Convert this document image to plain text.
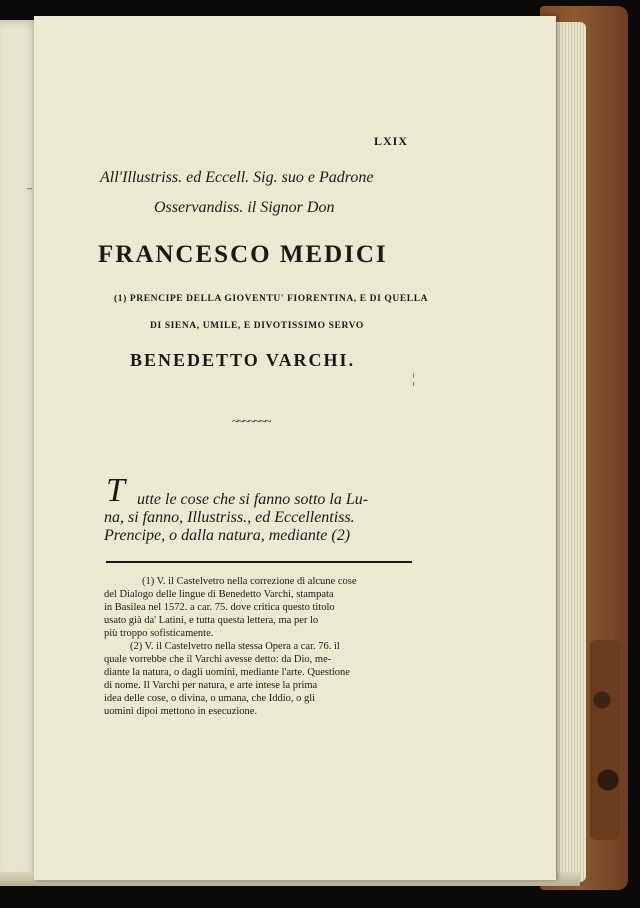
LXIX
All'Illustriss. ed Eccell. Sig. suo e Padrone
Osservandiss. il Signor Don
FRANCESCO MEDICI
(1) PRENCIPE DELLA GIOVENTU' FIORENTINA, E DI QUELLA
DI SIENA, UMILE, E DIVOTISSIMO SERVO
BENEDETTO VARCHI.
~~~~~~~
T utte le cose che si fanno sotto la Lu-
na, si fanno, Illustriss., ed Eccellentiss.
Prencipe, o dalla natura, mediante (2)
(1) V. il Castelvetro nella correzione di alcune cose
del Dialogo delle lingue di Benedetto Varchi, stampata
in Basilea nel 1572. a car. 75. dove critica questo titolo
usato già da' Latini, e tutta questa lettera, ma per lo
più troppo sofisticamente.
(2) V. il Castelvetro nella stessa Opera a car. 76. il
quale vorrebbe che il Varchi avesse detto: da Dio, me-
diante la natura, o dagli uomini, mediante l'arte. Questione
di nome. Il Varchi per natura, e arte intese la prima
idea delle cose, o divina, o umana, che Iddio, o gli
uomini dipoi mettono in esecuzione.
⁻
¦
